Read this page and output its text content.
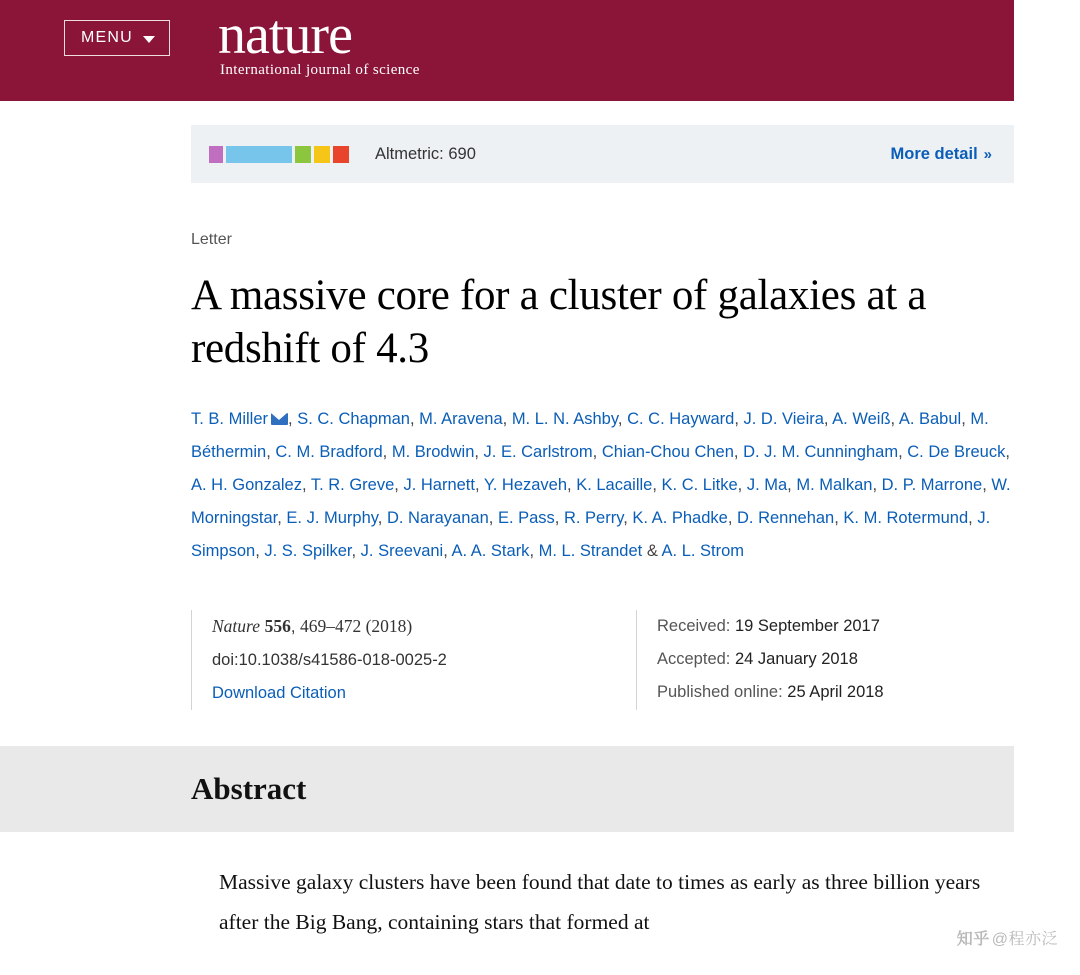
MENU nature
International journal of science
Altmetric: 690	More detail »
Letter
A massive core for a cluster of galaxies at a redshift of 4.3
T. B. Miller , S. C. Chapman, M. Aravena, M. L. N. Ashby, C. C. Hayward, J. D. Vieira, A. Weiß, A. Babul, M. Béthermin, C. M. Bradford, M. Brodwin, J. E. Carlstrom, Chian-Chou Chen, D. J. M. Cunningham, C. De Breuck, A. H. Gonzalez, T. R. Greve, J. Harnett, Y. Hezaveh, K. Lacaille, K. C. Litke, J. Ma, M. Malkan, D. P. Marrone, W. Morningstar, E. J. Murphy, D. Narayanan, E. Pass, R. Perry, K. A. Phadke, D. Rennehan, K. M. Rotermund, J. Simpson, J. S. Spilker, J. Sreevani, A. A. Stark, M. L. Strandet & A. L. Strom
Nature 556, 469–472 (2018)
doi:10.1038/s41586-018-0025-2
Download Citation
Received: 19 September 2017
Accepted: 24 January 2018
Published online: 25 April 2018
Abstract
Massive galaxy clusters have been found that date to times as early as three billion years after the Big Bang, containing stars that formed at
知乎 @程亦泛
